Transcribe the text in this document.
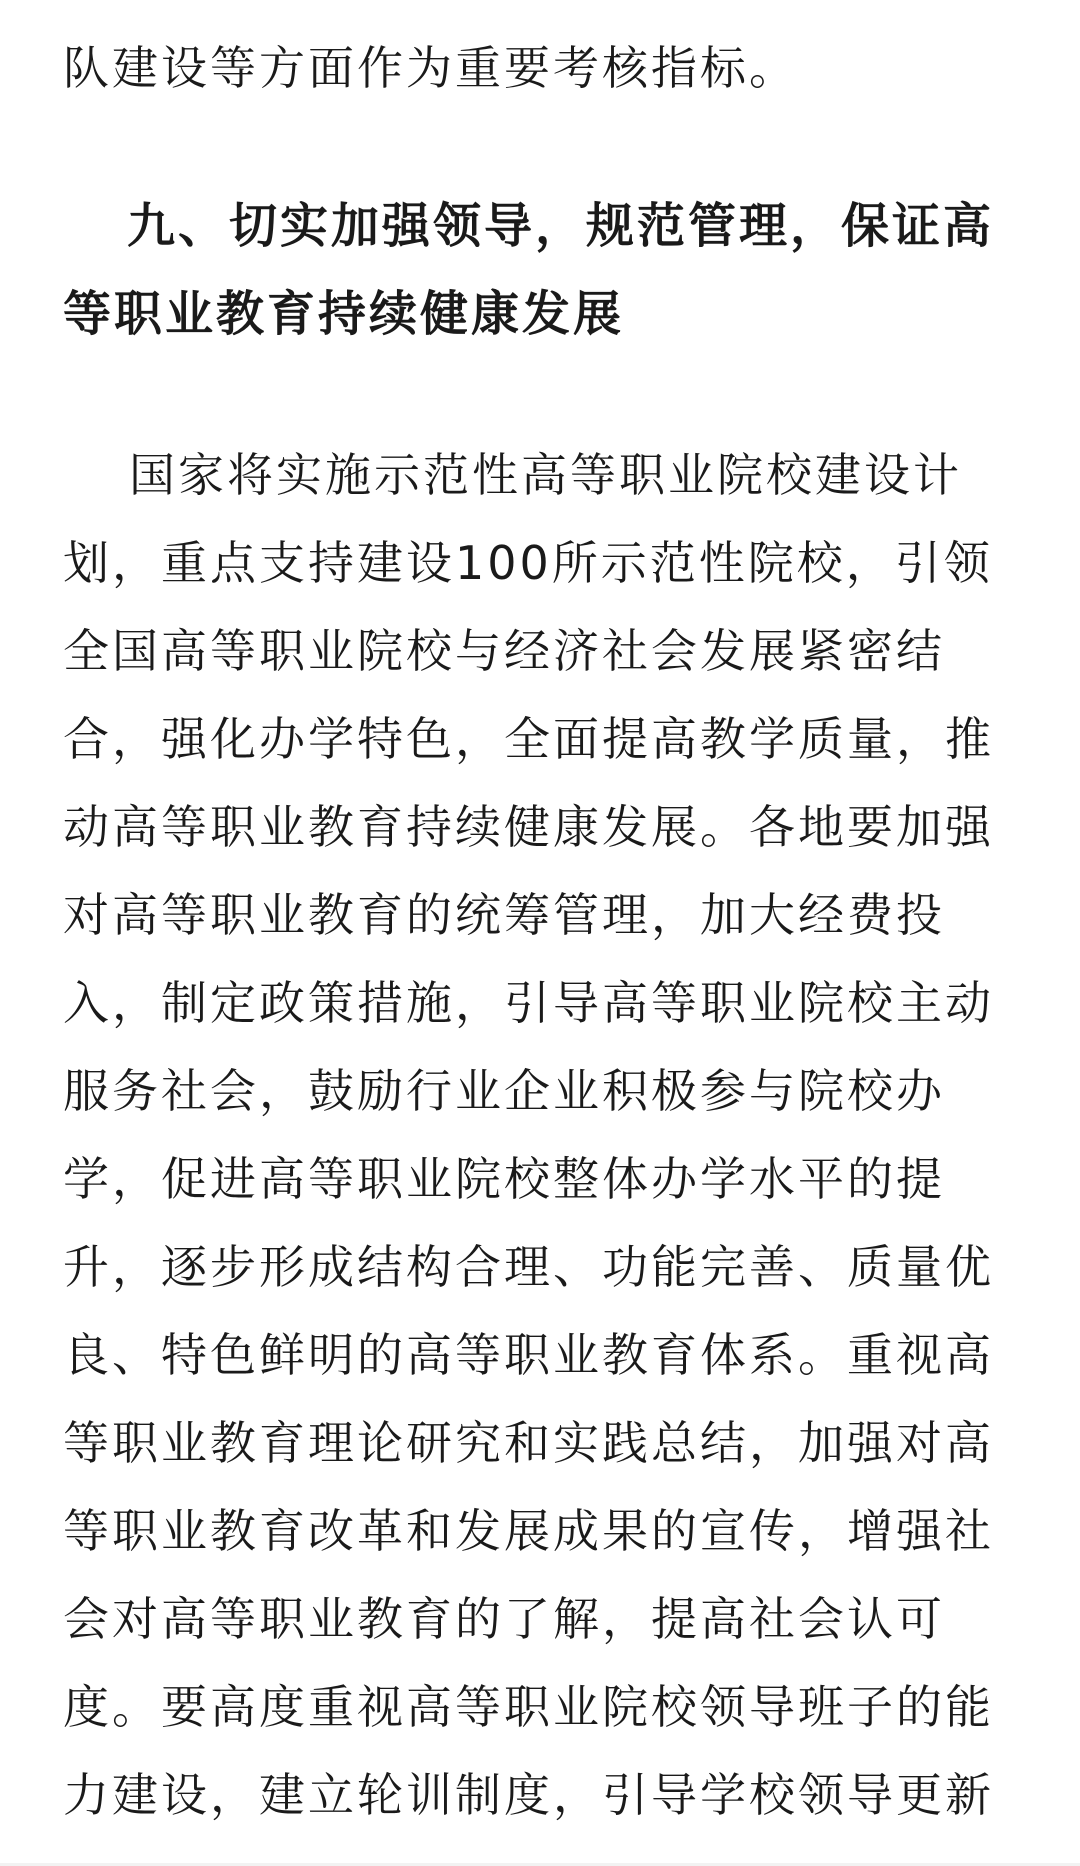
队建设等方面作为重要考核指标。
九、切实加强领导，规范管理，保证高
等职业教育持续健康发展
国家将实施示范性高等职业院校建设计
划，重点支持建设100所示范性院校，引领
全国高等职业院校与经济社会发展紧密结
合，强化办学特色，全面提高教学质量，推
动高等职业教育持续健康发展。各地要加强
对高等职业教育的统筹管理，加大经费投
入，制定政策措施，引导高等职业院校主动
服务社会，鼓励行业企业积极参与院校办
学，促进高等职业院校整体办学水平的提
升，逐步形成结构合理、功能完善、质量优
良、特色鲜明的高等职业教育体系。重视高
等职业教育理论研究和实践总结，加强对高
等职业教育改革和发展成果的宣传，增强社
会对高等职业教育的了解，提高社会认可
度。要高度重视高等职业院校领导班子的能
力建设，建立轮训制度，引导学校领导更新
